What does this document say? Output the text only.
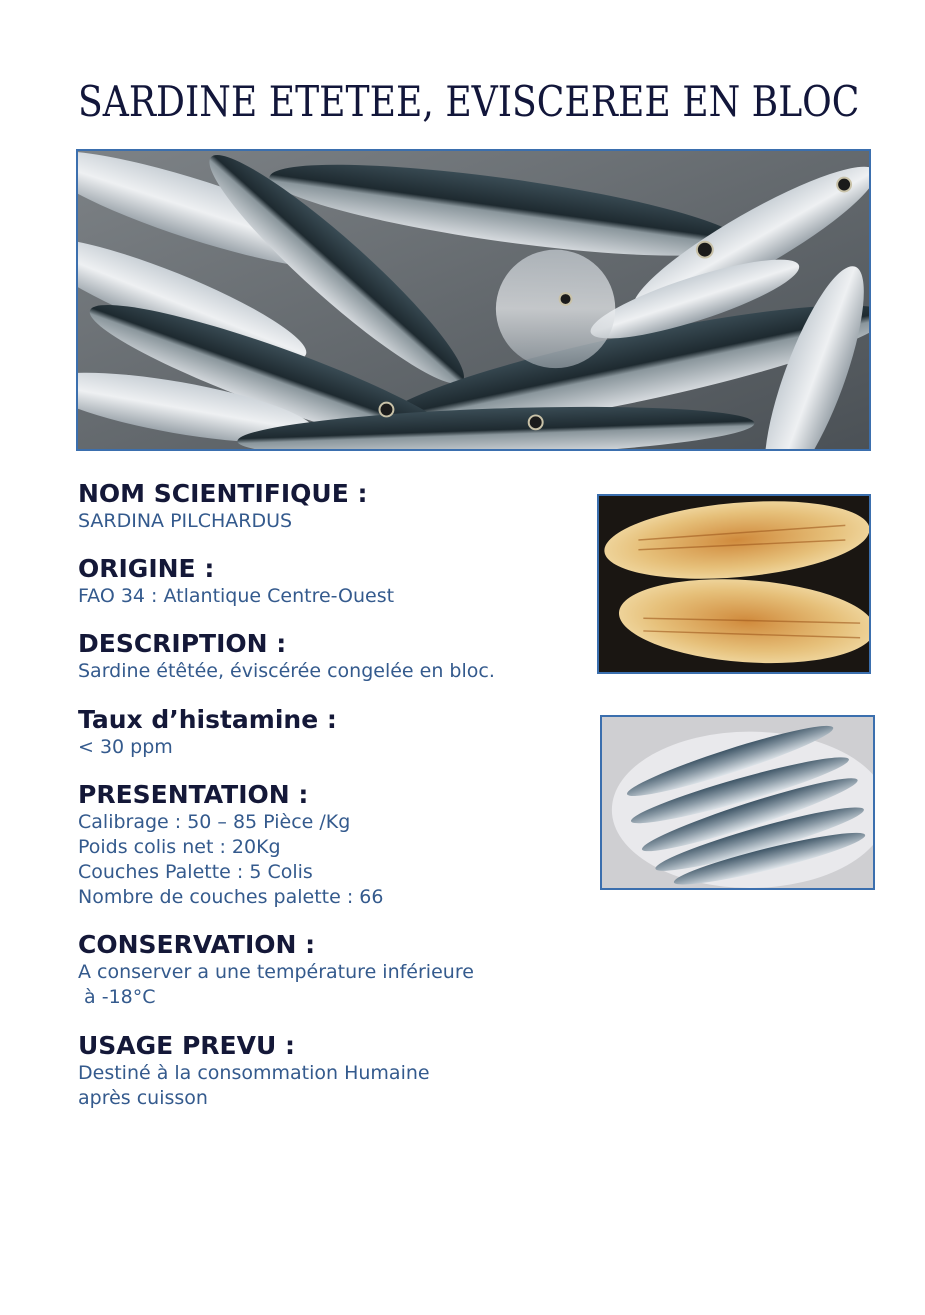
SARDINE ETETEE, EVISCEREE EN BLOC
NOM SCIENTIFIQUE :
SARDINA PILCHARDUS
ORIGINE :
FAO 34 : Atlantique Centre-Ouest
DESCRIPTION :
Sardine étêtée, éviscérée congelée en bloc.
Taux d’histamine :
< 30 ppm
PRESENTATION :
Calibrage : 50 – 85 Pièce /Kg
Poids colis net : 20Kg
Couches Palette : 5 Colis
Nombre de couches palette : 66
CONSERVATION :
A conserver a une température inférieure
à -18°C
USAGE PREVU :
Destiné à la consommation Humaine
après cuisson
